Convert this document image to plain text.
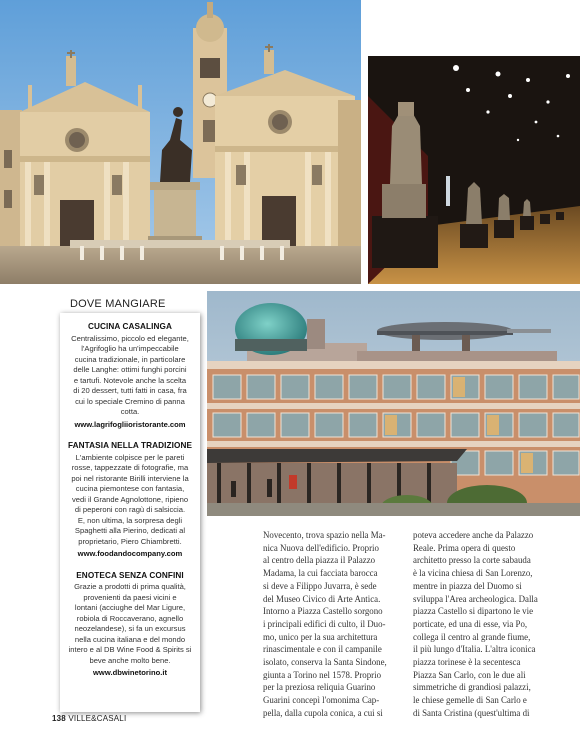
DOVE MANGIARE
CUCINA CASALINGA
Centralissimo, piccolo ed elegante,
l'Agrifoglio ha un'impeccabile
cucina tradizionale, in particolare
delle Langhe: ottimi funghi porcini
e tartufi. Notevole anche la scelta
di 20 dessert, tutti fatti in casa, fra
cui lo speciale Cremino di panna
cotta.
www.lagrifogliioristorante.com
FANTASIA NELLA TRADIZIONE
L'ambiente colpisce per le pareti
rosse, tappezzate di fotografie, ma
poi nel ristorante Birilli interviene la
cucina piemontese con fantasia,
vedi il Grande Agnolottone, ripieno
di peperoni con ragù di salsiccia.
E, non ultima, la sorpresa degli
Spaghetti alla Pierino, dedicati al
proprietario, Piero Chiambretti.
www.foodandocompany.com
ENOTECA SENZA CONFINI
Grazie a prodotti di prima qualità,
provenienti da paesi vicini e
lontani (acciughe del Mar Ligure,
robiola di Roccaverano, agnello
neozelandese), si fa un excursus
nella cucina italiana e del mondo
intero e al DB Wine Food & Spirits si
beve anche molto bene.
www.dbwinetorino.it
Novecento, trova spazio nella Ma-
nica Nuova dell'edificio. Proprio
al centro della piazza il Palazzo
Madama, la cui facciata barocca
si deve a Filippo Juvarra, è sede
del Museo Civico di Arte Antica.
Intorno a Piazza Castello sorgono
i principali edifici di culto, il Duo-
mo, unico per la sua architettura
rinascimentale e con il campanile
isolato, conserva la Santa Sindone,
giunta a Torino nel 1578. Proprio
per la preziosa reliquia Guarino
Guarini concepì l'omonima Cap-
pella, dalla cupola conica, a cui si
poteva accedere anche da Palazzo
Reale. Prima opera di questo
architetto presso la corte sabauda
è la vicina chiesa di San Lorenzo,
mentre in piazza del Duomo si
sviluppa l'Area archeologica. Dalla
piazza Castello si dipartono le vie
porticate, ed una di esse, via Po,
collega il centro al grande fiume,
il più lungo d'Italia. L'altra iconica
piazza torinese è la secentesca
Piazza San Carlo, con le due ali
simmetriche di grandiosi palazzi,
le chiese gemelle di San Carlo e
di Santa Cristina (quest'ultima di
138 VILLE&CASALI
